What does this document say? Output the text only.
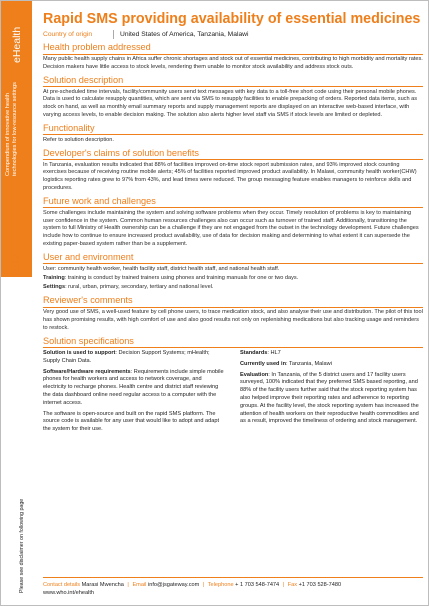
eHealth
Compendium of innovative health technologies for low-resource settings
2012
Please see disclaimer on following page
Rapid SMS providing availability of essential medicines
Country of origin	United States of America, Tanzania, Malawi
Health problem addressed
Many public health supply chains in Africa suffer chronic shortages and stock out of essential medicines, contributing to high morbidity and mortality rates. Decision makers have little access to stock levels, rendering them unable to monitor stock availability and address stock outs.
Solution description
At pre-scheduled time intervals, facility/community users send text messages with key data to a toll-free short code using their personal mobile phones. Data is used to calculate resupply quantities, which are sent via SMS to resupply facilities to enable prepacking of orders. Reported data items, such as stock on hand, as well as monthly email summary reports and supply management reports are displayed on an interactive web-based interface, with varying access levels, to enable decision making. The solution also alerts higher level staff via SMS if stock levels are limited or depleted.
Functionality
Refer to solution description.
Developer's claims of solution benefits
In Tanzania, evaluation results indicated that 88% of facilities improved on-time stock report submission rates, and 93% improved stock counting exercises because of receiving routine mobile alerts; 45% of facilities reported improved product availability. In Malawi, community health worker(CHW) logistics reporting rates grew to 97% from 43%, and lead times were reduced. The group messaging feature enables managers to reinforce skills and procedures.
Future work and challenges
Some challenges include maintaining the system and solving software problems when they occur. Timely resolution of problems is key to maintaining user confidence in the system. Common human resources challenges also can occur such as turnover of trained staff. Additionally, transitioning the system to full Ministry of Health ownership can be a challenge if they are not engaged from the outset in the technology development. Future challenges include how to continue to ensure increased product availability, use of data for decision making and determining to what extent it can supersede the existing paper-based system rather than be a supplement.
User and environment
User: community health worker, health facility staff, district health staff, and national health staff.
Training: training is conduct by trained trainers using phones and training manuals for one or two days.
Settings: rural, urban, primary, secondary, tertiary and national level.
Reviewer's comments
Very good use of SMS, a well-used feature by cell phone users, to trace medication stock, and also analyse their use and distribution. The pilot of this tool has shown promising results, with high comfort of use and also good results not only on replenishing medications but also tracking usage and reminders to restock.
Solution specifications

Solution is used to support: Decision Support Systems; mHealth; Supply Chain Data.

Software/Hardware requirements: Requirements include simple mobile phones for health workers and access to network coverage, and electricity to recharge phones. Health centre and district staff reviewing the data dashboard online need regular access to a computer with the internet access.

The software is open-source and built on the rapid SMS platform. The source code is available for any user that would like to adopt and adapt the system for their use.

Standards: HL7

Currently used in: Tanzania, Malawi

Evaluation: In Tanzania, of the 5 district users and 17 facility users surveyed, 100% indicated that they preferred SMS based reporting, and 88% of the facility users further said that the stock reporting system has also helped improve their reporting rates and adherence to reporting groups. At the facility level, the stock reporting system has increased the attention of health workers on their reproductive health commodities and as a result, improved the timeliness of ordering and stock management.

Contact details Marasi Mwencha | Email info@jsgateway.com | Telephone + 1 703 548-7474 | Fax +1 703 528-7480
www.who.int/ehealth
